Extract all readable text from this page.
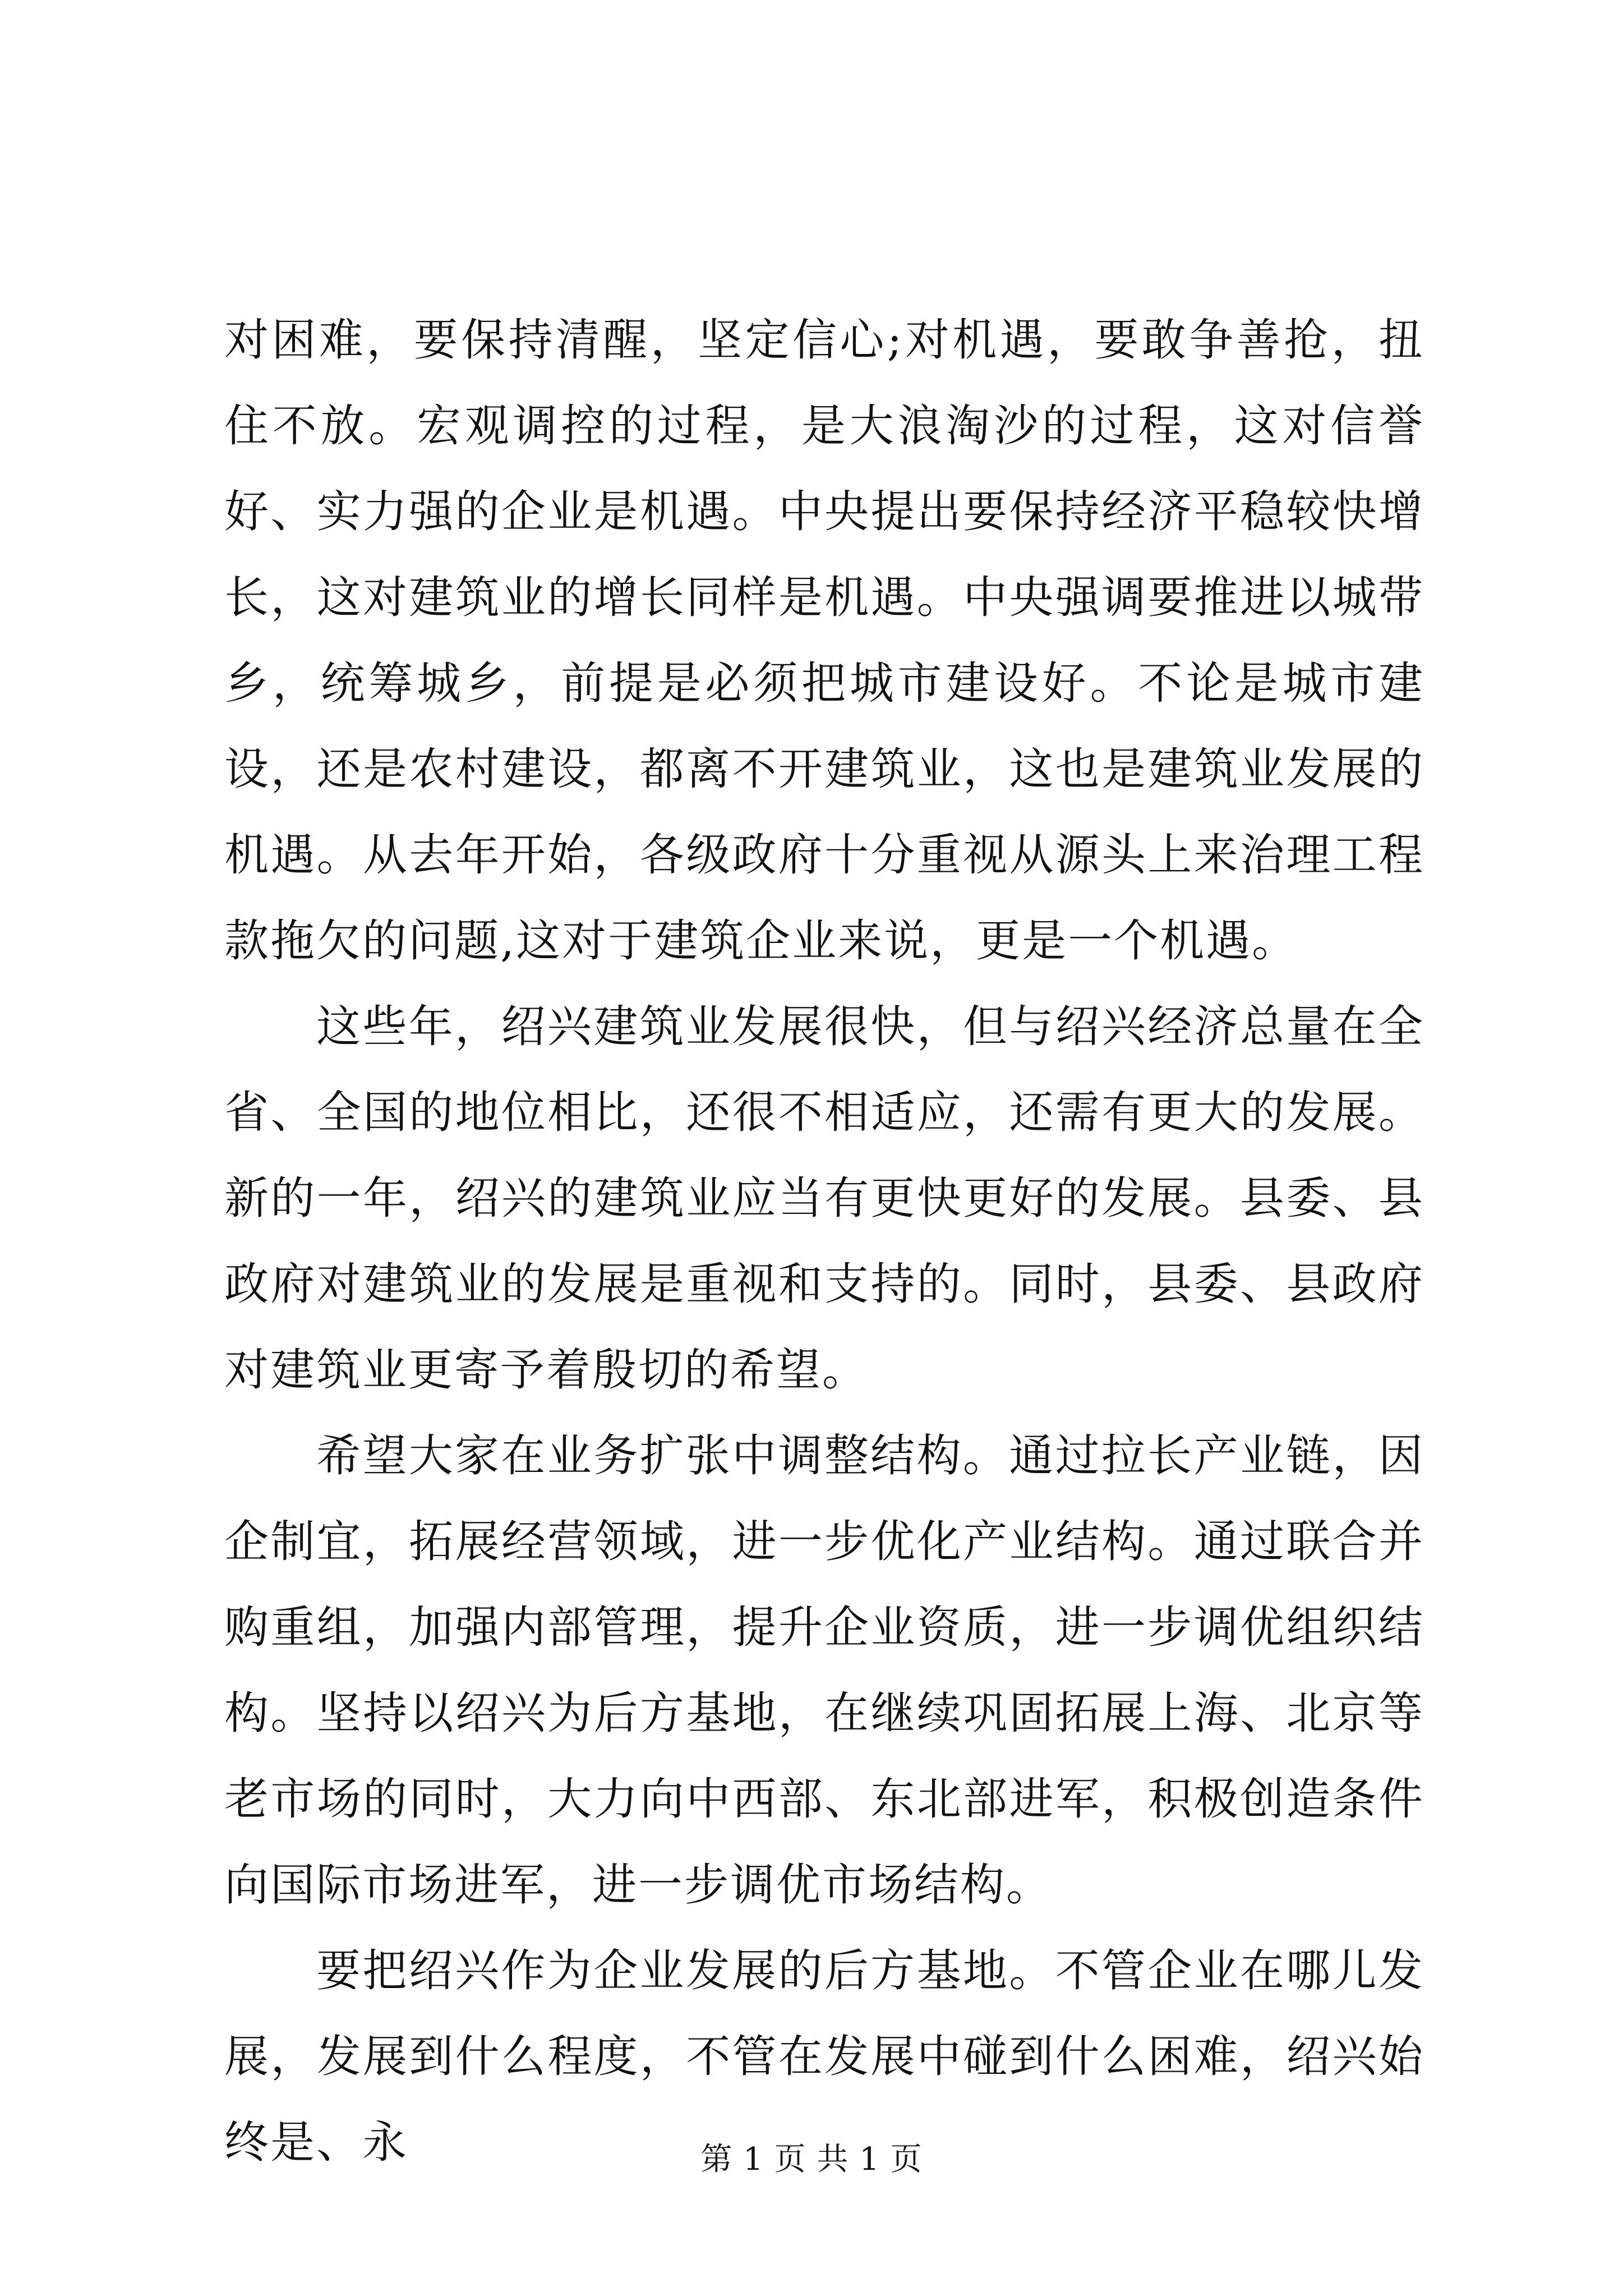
对困难，要保持清醒，坚定信心;对机遇，要敢争善抢，扭住不放。宏观调控的过程，是大浪淘沙的过程，这对信誉好、实力强的企业是机遇。中央提出要保持经济平稳较快增长，这对建筑业的增长同样是机遇。中央强调要推进以城带乡，统筹城乡，前提是必须把城市建设好。不论是城市建设，还是农村建设，都离不开建筑业，这也是建筑业发展的机遇。从去年开始，各级政府十分重视从源头上来治理工程款拖欠的问题,这对于建筑企业来说，更是一个机遇。

这些年，绍兴建筑业发展很快，但与绍兴经济总量在全省、全国的地位相比，还很不相适应，还需有更大的发展。新的一年，绍兴的建筑业应当有更快更好的发展。县委、县政府对建筑业的发展是重视和支持的。同时，县委、县政府对建筑业更寄予着殷切的希望。

希望大家在业务扩张中调整结构。通过拉长产业链，因企制宜，拓展经营领域，进一步优化产业结构。通过联合并购重组，加强内部管理，提升企业资质，进一步调优组织结构。坚持以绍兴为后方基地，在继续巩固拓展上海、北京等老市场的同时，大力向中西部、东北部进军，积极创造条件向国际市场进军，进一步调优市场结构。

要把绍兴作为企业发展的后方基地。不管企业在哪儿发展，发展到什么程度，不管在发展中碰到什么困难，绍兴始终是、永	第 1 页 共 1 页
